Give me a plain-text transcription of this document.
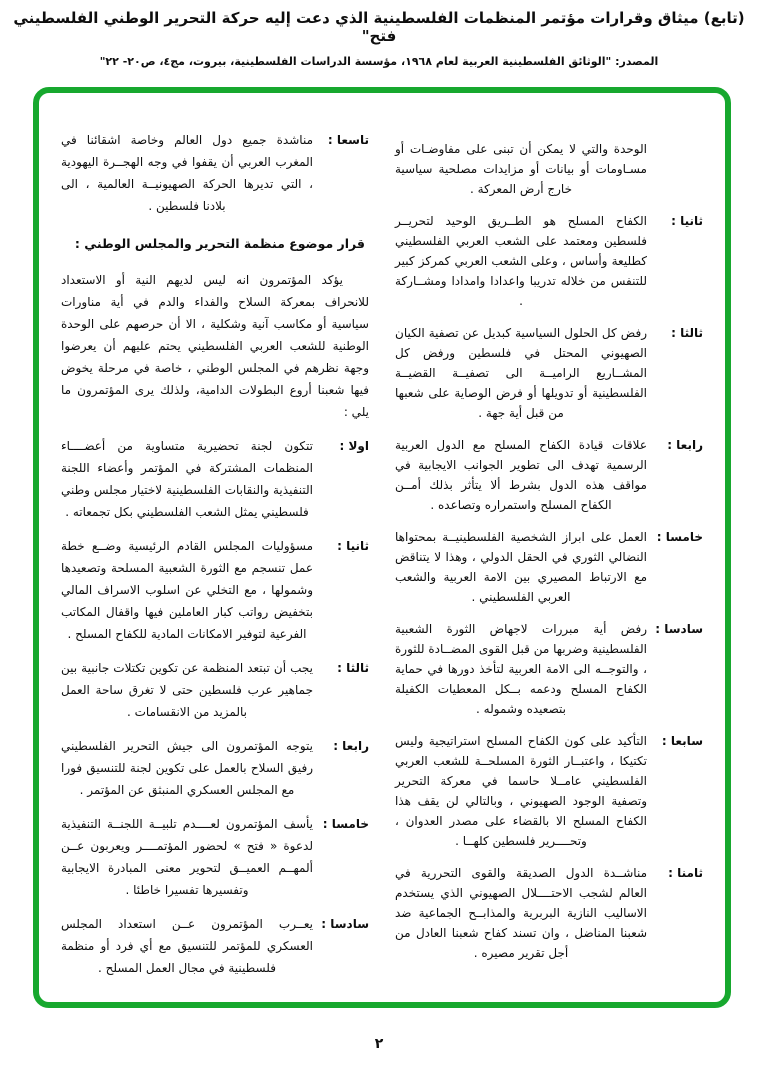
(تابع) ميثاق وقرارات مؤتمر المنظمات الفلسطينية الذي دعت إليه حركة التحرير الوطني الفلسطيني فتح"
المصدر: "الوثائق الفلسطينية العربية لعام ١٩٦٨، مؤسسة الدراسات الفلسطينية، بيروت، مج٤، ص٢٠- ٢٢"

الوحدة والتي لا يمكن أن تبنى على مفاوضـات أو مسـاومات أو بيانات أو مزايدات مصلحية سياسية خارج أرض المعركة .

ثانيا :
الكفاح المسلح هو الطــريق الوحيد لتحريــر فلسطين ومعتمد على الشعب العربي الفلسطيني كطليعة وأساس ، وعلى الشعب العربي كمركز كبير للتنفس من خلاله تدريبا واعدادا وامدادا ومشــاركة .

ثالثا :
رفض كل الحلول السياسية كبديل عن تصفية الكيان الصهيوني المحتل في فلسطين ورفض كل المشــاريع الراميــة الى تصفيــة القضيــة الفلسطينية أو تدويلها أو فرض الوصاية على شعبها من قبل أية جهة .

رابعا :
علاقات قيادة الكفاح المسلح مع الدول العربية الرسمية تهدف الى تطوير الجوانب الايجابية في مواقف هذه الدول بشرط ألا يتأثر بذلك أمــن الكفاح المسلح واستمراره وتصاعده .

خامسا :
العمل على ابراز الشخصية الفلسطينيــة بمحتواها النضالي الثوري في الحقل الدولي ، وهذا لا يتناقض مع الارتباط المصيري بين الامة العربية والشعب العربي الفلسطيني .

سادسا :
رفض أية مبررات لاجهاض الثورة الشعبية الفلسطينية وضربها من قبل القوى المضــادة للثورة ، والتوجــه الى الامة العربية لتأخذ دورها في حماية الكفاح المسلح ودعمه بــكل المعطيات الكفيلة بتصعيده وشموله .

سابعا :
التأكيد على كون الكفاح المسلح استراتيجية وليس تكتيكا ، واعتبــار الثورة المسلحــة للشعب العربي الفلسطيني عامــلا حاسما في معركة التحرير وتصفية الوجود الصهيوني ، وبالتالي لن يقف هذا الكفاح المسلح الا بالقضاء على مصدر العدوان ، وتحــــرير فلسطين كلهــا .

ثامنا :
مناشــدة الدول الصديقة والقوى التحررية في العالم لشجب الاحتــــلال الصهيوني الذي يستخدم الاساليب النازية البربرية والمذابــح الجماعية ضد شعبنا المناضل ، وان تسند كفاح شعبنا العادل من أجل تقرير مصيره .

تاسعا :
مناشدة جميع دول العالم وخاصة اشقائنا في المغرب العربي أن يقفوا في وجه الهجــرة اليهودية ، التي تديرها الحركة الصهيونيــة العالمية ، الى بلادنا فلسطين .

قرار موضوع منظمة التحرير والمجلس الوطني :

يؤكد المؤتمرون انه ليس لديهم النية أو الاستعداد للانحراف بمعركة السلاح والفداء والدم في أية مناورات سياسية أو مكاسب آنية وشكلية ، الا أن حرصهم على الوحدة الوطنية للشعب العربي الفلسطيني يحتم عليهم أن يعرضوا وجهة نظرهم في المجلس الوطني ، خاصة في مرحلة يخوض فيها شعبنا أروع البطولات الدامية، ولذلك يرى المؤتمرون ما يلي :

اولا :
تتكون لجنة تحضيرية متساوية من أعضــــاء المنظمات المشتركة في المؤتمر وأعضاء اللجنة التنفيذية والنقابات الفلسطينية لاختيار مجلس وطني فلسطيني يمثل الشعب الفلسطيني بكل تجمعاته .

ثانيا :
مسؤوليات المجلس القادم الرئيسية وضــع خطة عمل تنسجم مع الثورة الشعبية المسلحة وتصعيدها وشمولها ، مع التخلي عن اسلوب الاسراف المالي بتخفيض رواتب كبار العاملين فيها واقفال المكاتب الفرعية لتوفير الامكانات المادية للكفاح المسلح .

ثالثا :
يجب أن تبتعد المنظمة عن تكوين تكتلات جانبية بين جماهير عرب فلسطين حتى لا تغرق ساحة العمل بالمزيد من الانقسامات .

رابعا :
يتوجه المؤتمرون الى جيش التحرير الفلسطيني رفيق السلاح بالعمل على تكوين لجنة للتنسيق فورا مع المجلس العسكري المنبثق عن المؤتمر .

خامسا :
يأسف المؤتمرون لعــــدم تلبيــة اللجنــة التنفيذية لدعوة « فتح » لحضور المؤتمــــر ويعربون عــن ألمهــم العميــق لتحوير معنى المبادرة الايجابية وتفسيرها تفسيرا خاطئا .

سادسا :
يعــرب المؤتمرون عــن استعداد المجلس العسكري للمؤتمر للتنسيق مع أي فرد أو منظمة فلسطينية في مجال العمل المسلح .

٢
